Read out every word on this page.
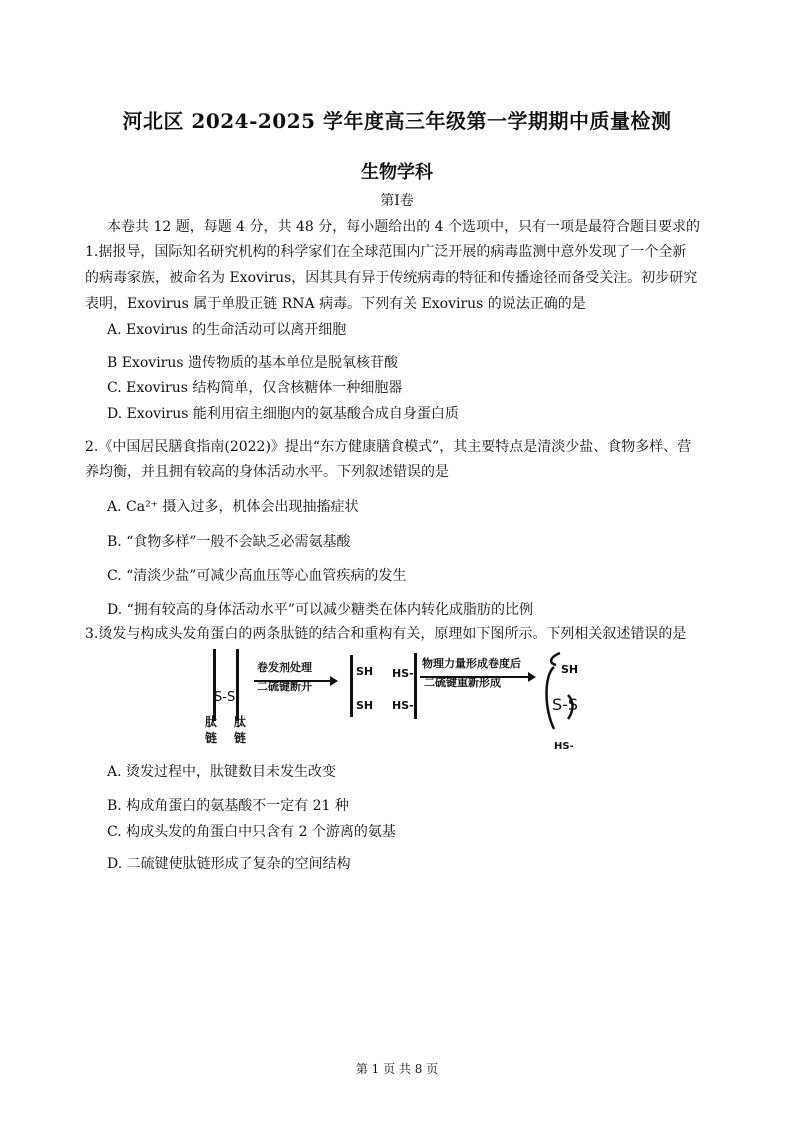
河北区 2024-2025 学年度高三年级第一学期期中质量检测
生物学科
第Ⅰ卷
本卷共 12 题，每题 4 分，共 48 分，每小题给出的 4 个选项中，只有一项是最符合题目要求的
1.据报导，国际知名研究机构的科学家们在全球范围内广泛开展的病毒监测中意外发现了一个全新
的病毒家族，被命名为 Exovirus，因其具有异于传统病毒的特征和传播途径而备受关注。初步研究
表明，Exovirus 属于单股正链 RNA 病毒。下列有关 Exovirus 的说法正确的是
A. Exovirus 的生命活动可以离开细胞
B Exovirus 遗传物质的基本单位是脱氧核苷酸
C. Exovirus 结构简单，仅含核糖体一种细胞器
D. Exovirus 能利用宿主细胞内的氨基酸合成自身蛋白质
2.《中国居民膳食指南(2022)》提出“东方健康膳食模式”，其主要特点是清淡少盐、食物多样、营
养均衡，并且拥有较高的身体活动水平。下列叙述错误的是
A. Ca²⁺ 摄入过多，机体会出现抽搐症状
B. “食物多样”一般不会缺乏必需氨基酸
C. “清淡少盐”可减少高血压等心血管疾病的发生
D. “拥有较高的身体活动水平”可以减少糖类在体内转化成脂肪的比例
3.烫发与构成头发角蛋白的两条肽链的结合和重构有关，原理如下图所示。下列相关叙述错误的是
S-S
肽
链
肽
链
卷发剂处理
二硫键断开
SH
SH
HS-
HS-
物理力量形成卷度后
二硫键重新形成
SH
S-S
HS-
A. 烫发过程中，肽键数目未发生改变
B. 构成角蛋白的氨基酸不一定有 21 种
C. 构成头发的角蛋白中只含有 2 个游离的氨基
D. 二硫键使肽链形成了复杂的空间结构
第 1 页 共 8 页
